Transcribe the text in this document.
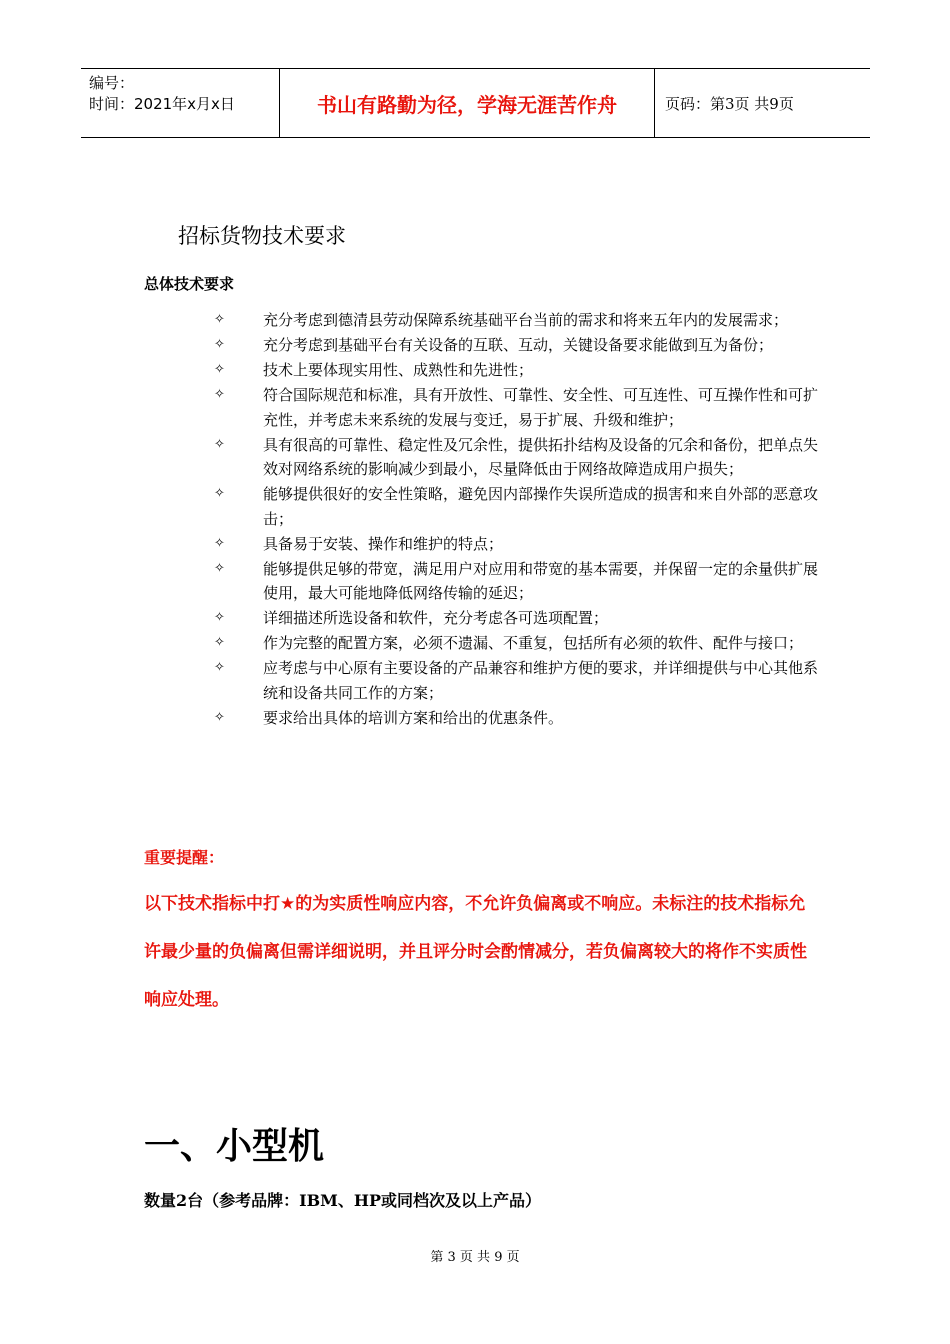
编号：
时间：2021年x月x日	书山有路勤为径，学海无涯苦作舟	页码：第3页 共9页
招标货物技术要求
总体技术要求
✧	充分考虑到德清县劳动保障系统基础平台当前的需求和将来五年内的发展需求；
✧	充分考虑到基础平台有关设备的互联、互动，关键设备要求能做到互为备份；
✧	技术上要体现实用性、成熟性和先进性；
✧	符合国际规范和标准，具有开放性、可靠性、安全性、可互连性、可互操作性和可扩充性，并考虑未来系统的发展与变迁，易于扩展、升级和维护；
✧	具有很高的可靠性、稳定性及冗余性，提供拓扑结构及设备的冗余和备份，把单点失效对网络系统的影响减少到最小，尽量降低由于网络故障造成用户损失；
✧	能够提供很好的安全性策略，避免因内部操作失误所造成的损害和来自外部的恶意攻击；
✧	具备易于安装、操作和维护的特点；
✧	能够提供足够的带宽，满足用户对应用和带宽的基本需要，并保留一定的余量供扩展使用，最大可能地降低网络传输的延迟；
✧	详细描述所选设备和软件，充分考虑各可选项配置；
✧	作为完整的配置方案，必须不遗漏、不重复，包括所有必须的软件、配件与接口；
✧	应考虑与中心原有主要设备的产品兼容和维护方便的要求，并详细提供与中心其他系统和设备共同工作的方案；
✧	要求给出具体的培训方案和给出的优惠条件。
重要提醒：
以下技术指标中打★的为实质性响应内容，不允许负偏离或不响应。未标注的技术指标允许最少量的负偏离但需详细说明，并且评分时会酌情减分，若负偏离较大的将作不实质性响应处理。
一、小型机
数量2台（参考品牌：IBM、HP或同档次及以上产品）
第 3 页 共 9 页
